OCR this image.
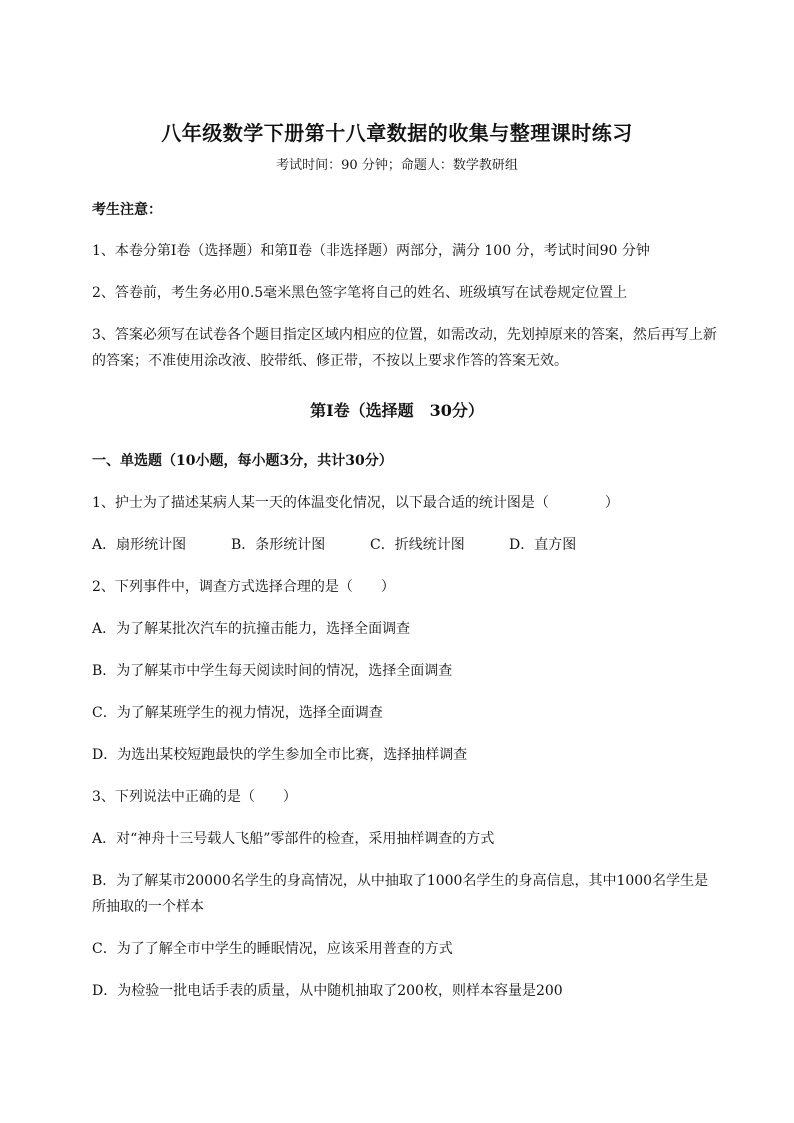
八年级数学下册第十八章数据的收集与整理课时练习
考试时间：90 分钟；命题人：数学教研组
考生注意：
1、本卷分第Ⅰ卷（选择题）和第Ⅱ卷（非选择题）两部分，满分 100 分，考试时间90 分钟
2、答卷前，考生务必用0.5毫米黑色签字笔将自己的姓名、班级填写在试卷规定位置上
3、答案必须写在试卷各个题目指定区域内相应的位置，如需改动，先划掉原来的答案，然后再写上新
的答案；不准使用涂改液、胶带纸、修正带，不按以上要求作答的答案无效。
第Ⅰ卷（选择题　30分）
一、单选题（10小题，每小题3分，共计30分）
1、护士为了描述某病人某一天的体温变化情况，以下最合适的统计图是（　　　　）
A．扇形统计图	B．条形统计图	C．折线统计图	D．直方图
2、下列事件中，调查方式选择合理的是（　　）
A．为了解某批次汽车的抗撞击能力，选择全面调查
B．为了解某市中学生每天阅读时间的情况，选择全面调查
C．为了解某班学生的视力情况，选择全面调查
D．为选出某校短跑最快的学生参加全市比赛，选择抽样调查
3、下列说法中正确的是（　　）
A．对“神舟十三号载人飞船”零部件的检查，采用抽样调查的方式
B．为了解某市20000名学生的身高情况，从中抽取了1000名学生的身高信息，其中1000名学生是
所抽取的一个样本
C．为了了解全市中学生的睡眠情况，应该采用普查的方式
D．为检验一批电话手表的质量，从中随机抽取了200枚，则样本容量是200
